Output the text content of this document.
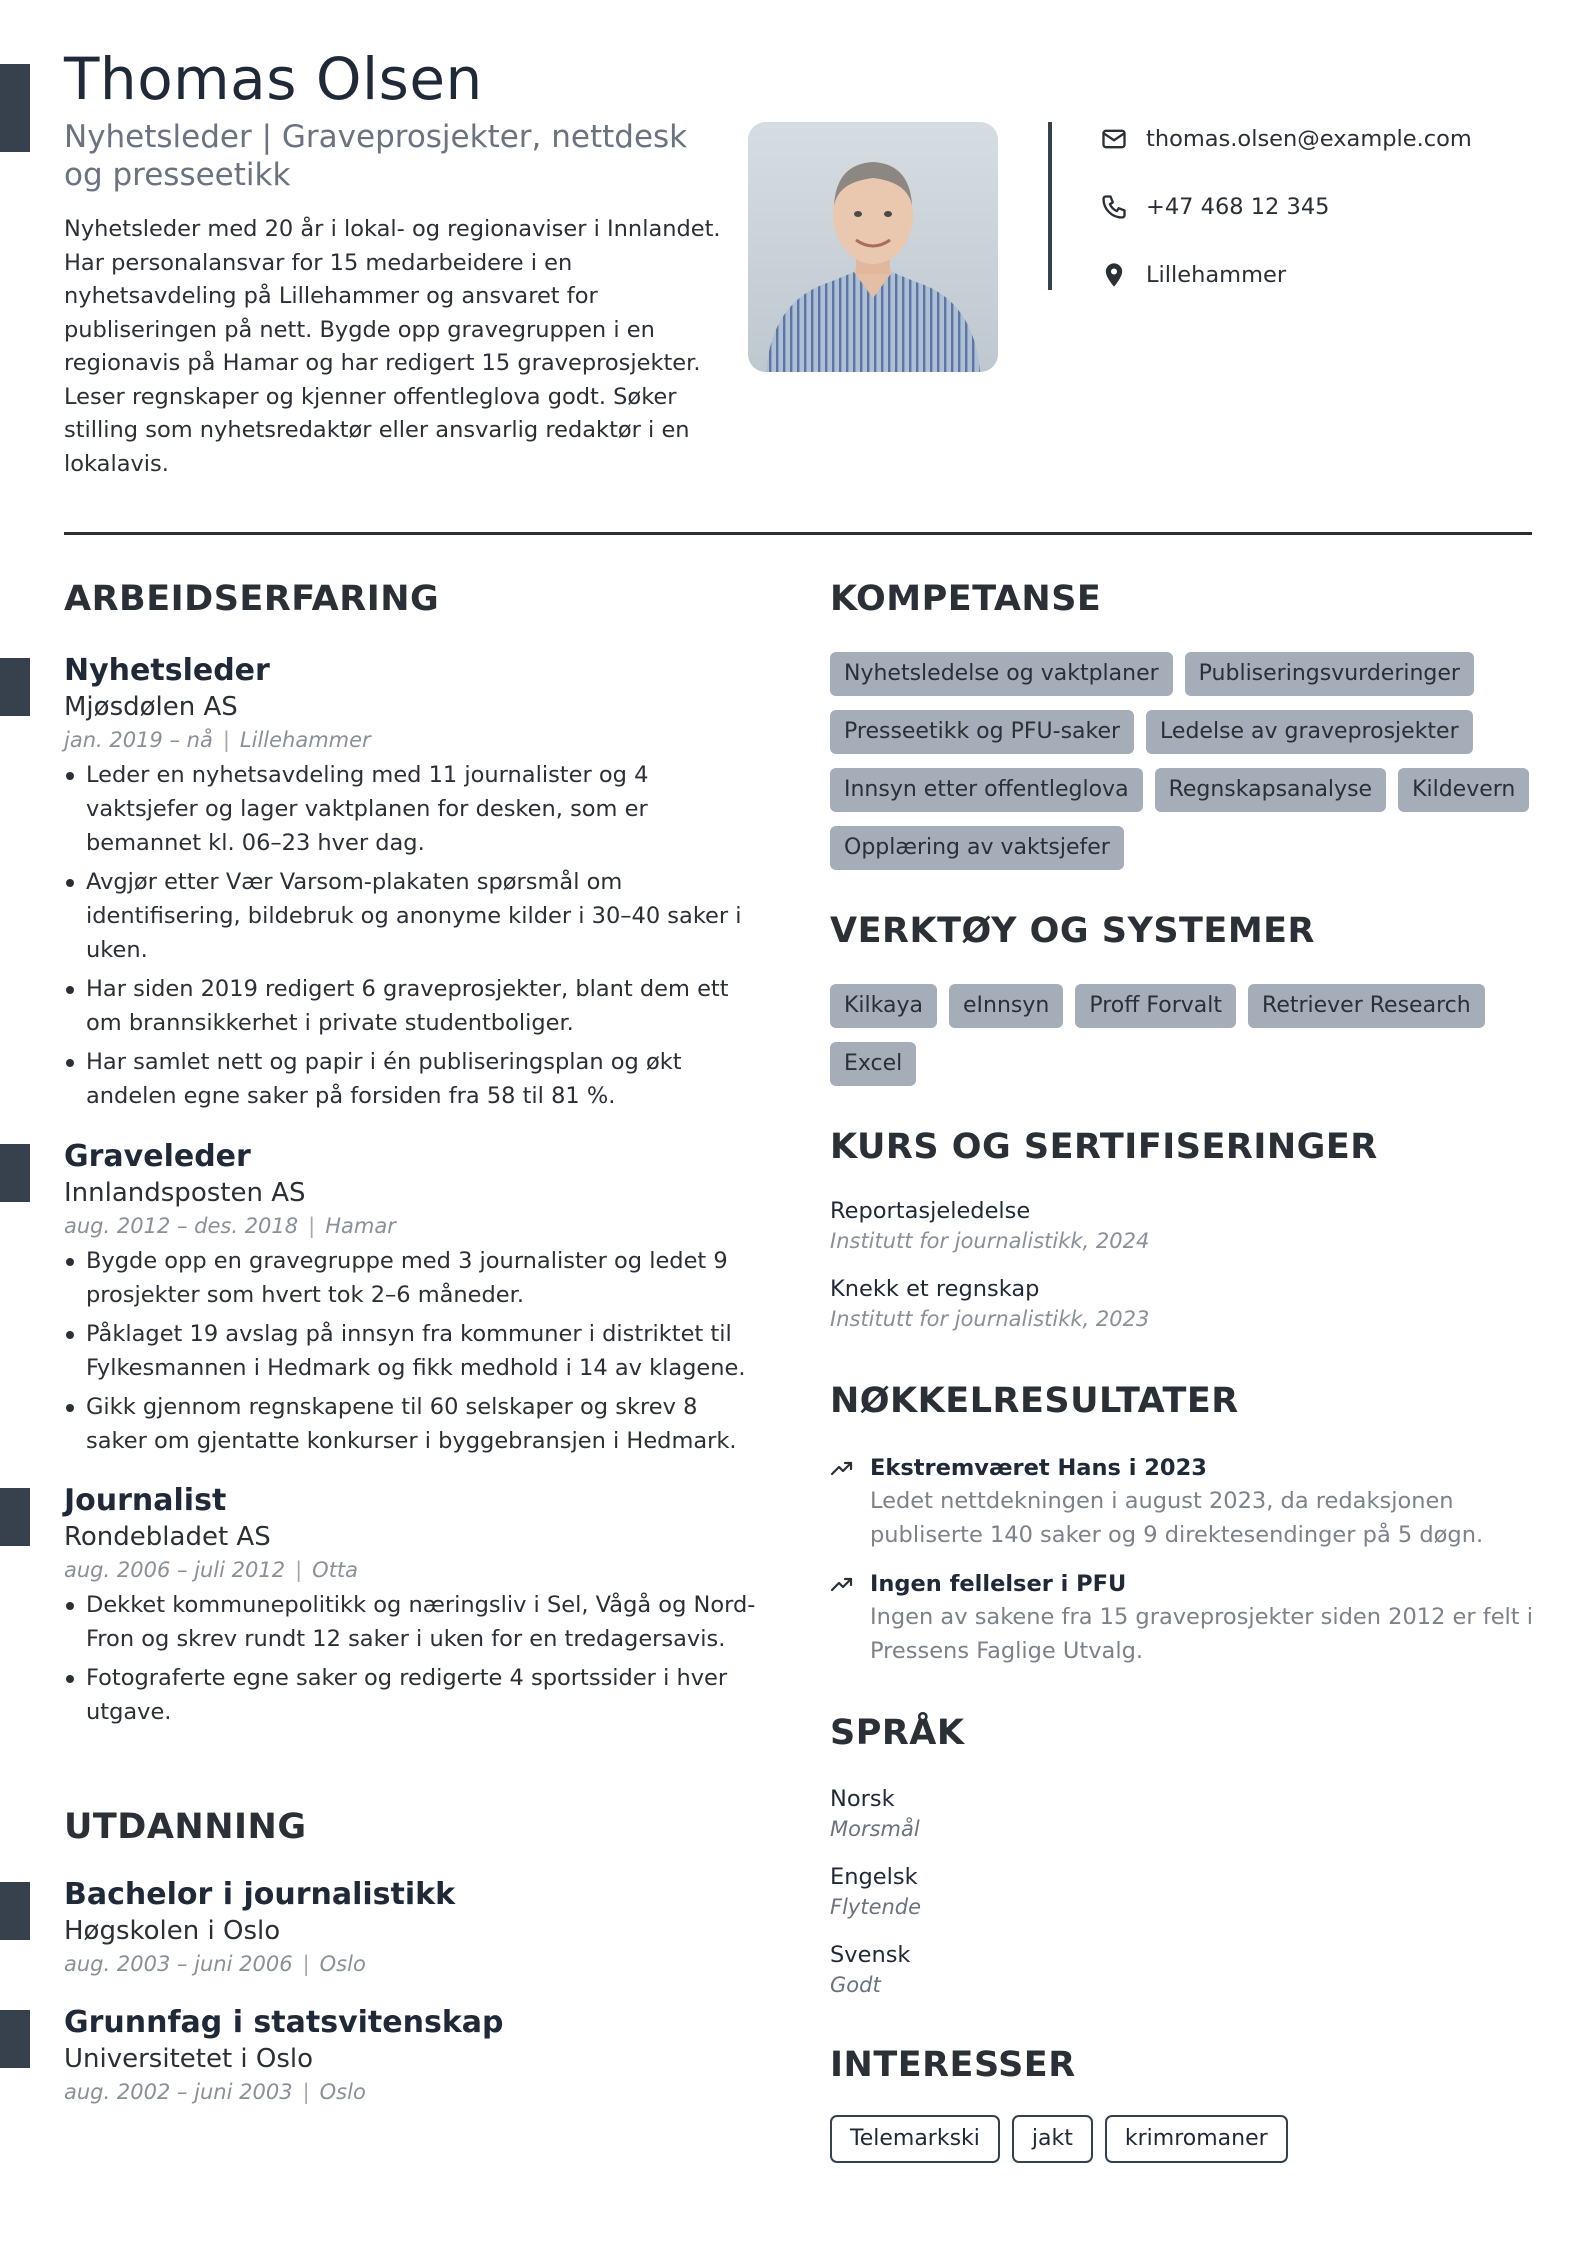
Thomas Olsen
Nyhetsleder | Graveprosjekter, nettdesk og presseetikk
Nyhetsleder med 20 år i lokal- og regionaviser i Innlandet. Har personalansvar for 15 medarbeidere i en nyhetsavdeling på Lillehammer og ansvaret for publiseringen på nett. Bygde opp gravegruppen i en regionavis på Hamar og har redigert 15 graveprosjekter. Leser regnskaper og kjenner offentleglova godt. Søker stilling som nyhetsredaktør eller ansvarlig redaktør i en lokalavis.
thomas.olsen@example.com
+47 468 12 345
Lillehammer
ARBEIDSERFARING
Nyhetsleder
Mjøsdølen AS
jan. 2019 – nå | Lillehammer
Leder en nyhetsavdeling med 11 journalister og 4 vaktsjefer og lager vaktplanen for desken, som er bemannet kl. 06–23 hver dag.
Avgjør etter Vær Varsom-plakaten spørsmål om identifisering, bildebruk og anonyme kilder i 30–40 saker i uken.
Har siden 2019 redigert 6 graveprosjekter, blant dem ett om brannsikkerhet i private studentboliger.
Har samlet nett og papir i én publiseringsplan og økt andelen egne saker på forsiden fra 58 til 81 %.
Graveleder
Innlandsposten AS
aug. 2012 – des. 2018 | Hamar
Bygde opp en gravegruppe med 3 journalister og ledet 9 prosjekter som hvert tok 2–6 måneder.
Påklaget 19 avslag på innsyn fra kommuner i distriktet til Fylkesmannen i Hedmark og fikk medhold i 14 av klagene.
Gikk gjennom regnskapene til 60 selskaper og skrev 8 saker om gjentatte konkurser i byggebransjen i Hedmark.
Journalist
Rondebladet AS
aug. 2006 – juli 2012 | Otta
Dekket kommunepolitikk og næringsliv i Sel, Vågå og Nord-Fron og skrev rundt 12 saker i uken for en tredagersavis.
Fotograferte egne saker og redigerte 4 sportssider i hver utgave.
UTDANNING
Bachelor i journalistikk
Høgskolen i Oslo
aug. 2003 – juni 2006 | Oslo
Grunnfag i statsvitenskap
Universitetet i Oslo
aug. 2002 – juni 2003 | Oslo
KOMPETANSE
Nyhetsledelse og vaktplaner	Publiseringsvurderinger
Presseetikk og PFU-saker	Ledelse av graveprosjekter
Innsyn etter offentleglova	Regnskapsanalyse	Kildevern
Opplæring av vaktsjefer
VERKTØY OG SYSTEMER
Kilkaya	eInnsyn	Proff Forvalt	Retriever Research
Excel
KURS OG SERTIFISERINGER
Reportasjeledelse
Institutt for journalistikk, 2024
Knekk et regnskap
Institutt for journalistikk, 2023
NØKKELRESULTATER
Ekstremværet Hans i 2023
Ledet nettdekningen i august 2023, da redaksjonen publiserte 140 saker og 9 direktesendinger på 5 døgn.
Ingen fellelser i PFU
Ingen av sakene fra 15 graveprosjekter siden 2012 er felt i Pressens Faglige Utvalg.
SPRÅK
Norsk
Morsmål
Engelsk
Flytende
Svensk
Godt
INTERESSER
Telemarkski	jakt	krimromaner
